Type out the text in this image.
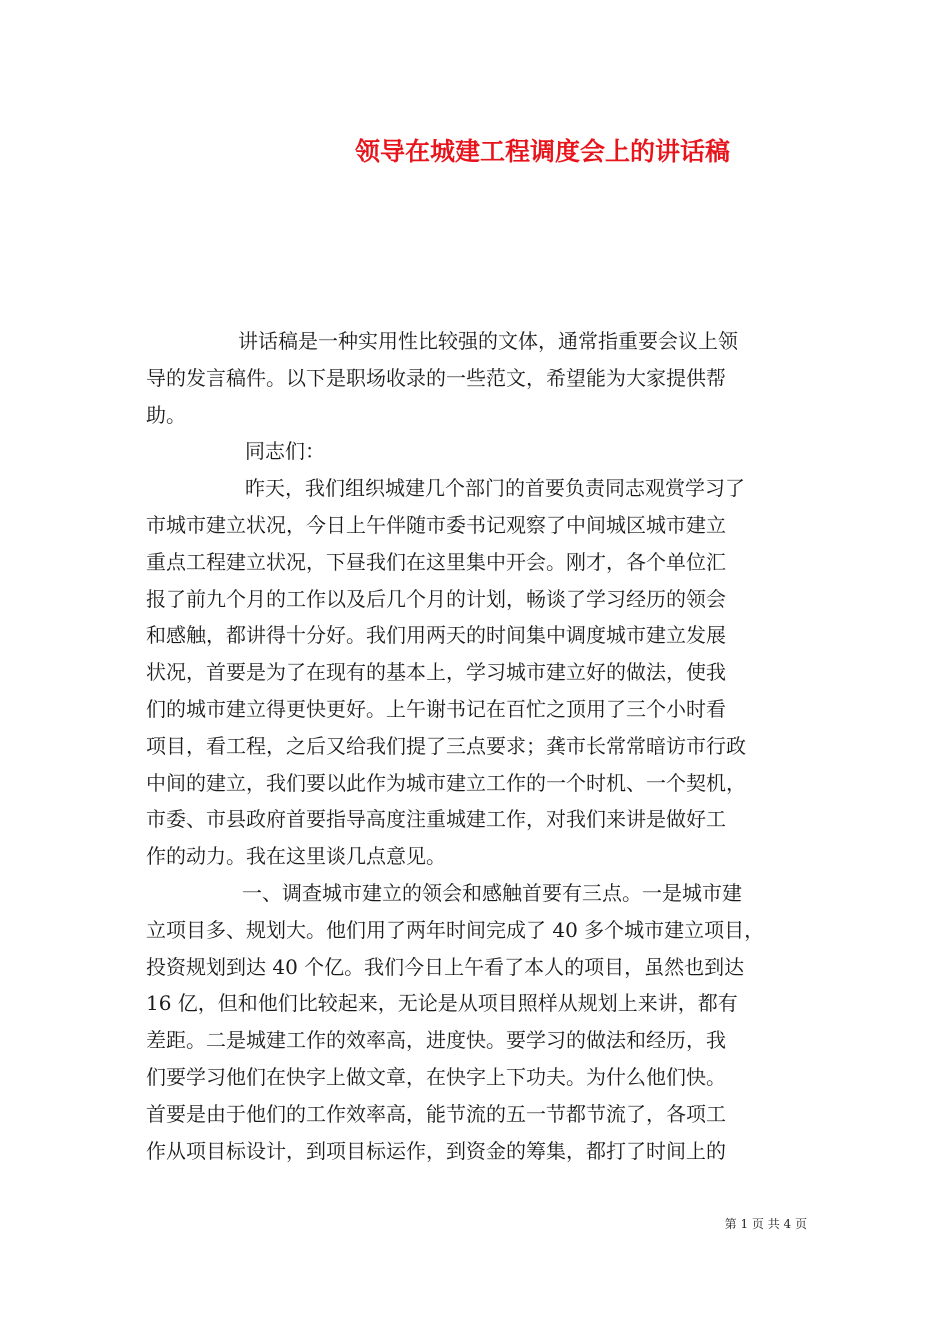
领导在城建工程调度会上的讲话稿
讲话稿是一种实用性比较强的文体，通常指重要会议上领
导的发言稿件。以下是职场收录的一些范文，希望能为大家提供帮
助。
同志们：
昨天，我们组织城建几个部门的首要负责同志观赏学习了
市城市建立状况，今日上午伴随市委书记观察了中间城区城市建立
重点工程建立状况，下昼我们在这里集中开会。刚才，各个单位汇
报了前九个月的工作以及后几个月的计划，畅谈了学习经历的领会
和感触，都讲得十分好。我们用两天的时间集中调度城市建立发展
状况，首要是为了在现有的基本上，学习城市建立好的做法，使我
们的城市建立得更快更好。上午谢书记在百忙之顶用了三个小时看
项目，看工程，之后又给我们提了三点要求；龚市长常常暗访市行政
中间的建立，我们要以此作为城市建立工作的一个时机、一个契机，
市委、市县政府首要指导高度注重城建工作，对我们来讲是做好工
作的动力。我在这里谈几点意见。
一、调查城市建立的领会和感触首要有三点。一是城市建
立项目多、规划大。他们用了两年时间完成了 40 多个城市建立项目，
投资规划到达 40 个亿。我们今日上午看了本人的项目，虽然也到达
16 亿，但和他们比较起来，无论是从项目照样从规划上来讲，都有
差距。二是城建工作的效率高，进度快。要学习的做法和经历，我
们要学习他们在快字上做文章，在快字上下功夫。为什么他们快。
首要是由于他们的工作效率高，能节流的五一节都节流了，各项工
作从项目标设计，到项目标运作，到资金的筹集，都打了时间上的
第 1 页 共 4 页
